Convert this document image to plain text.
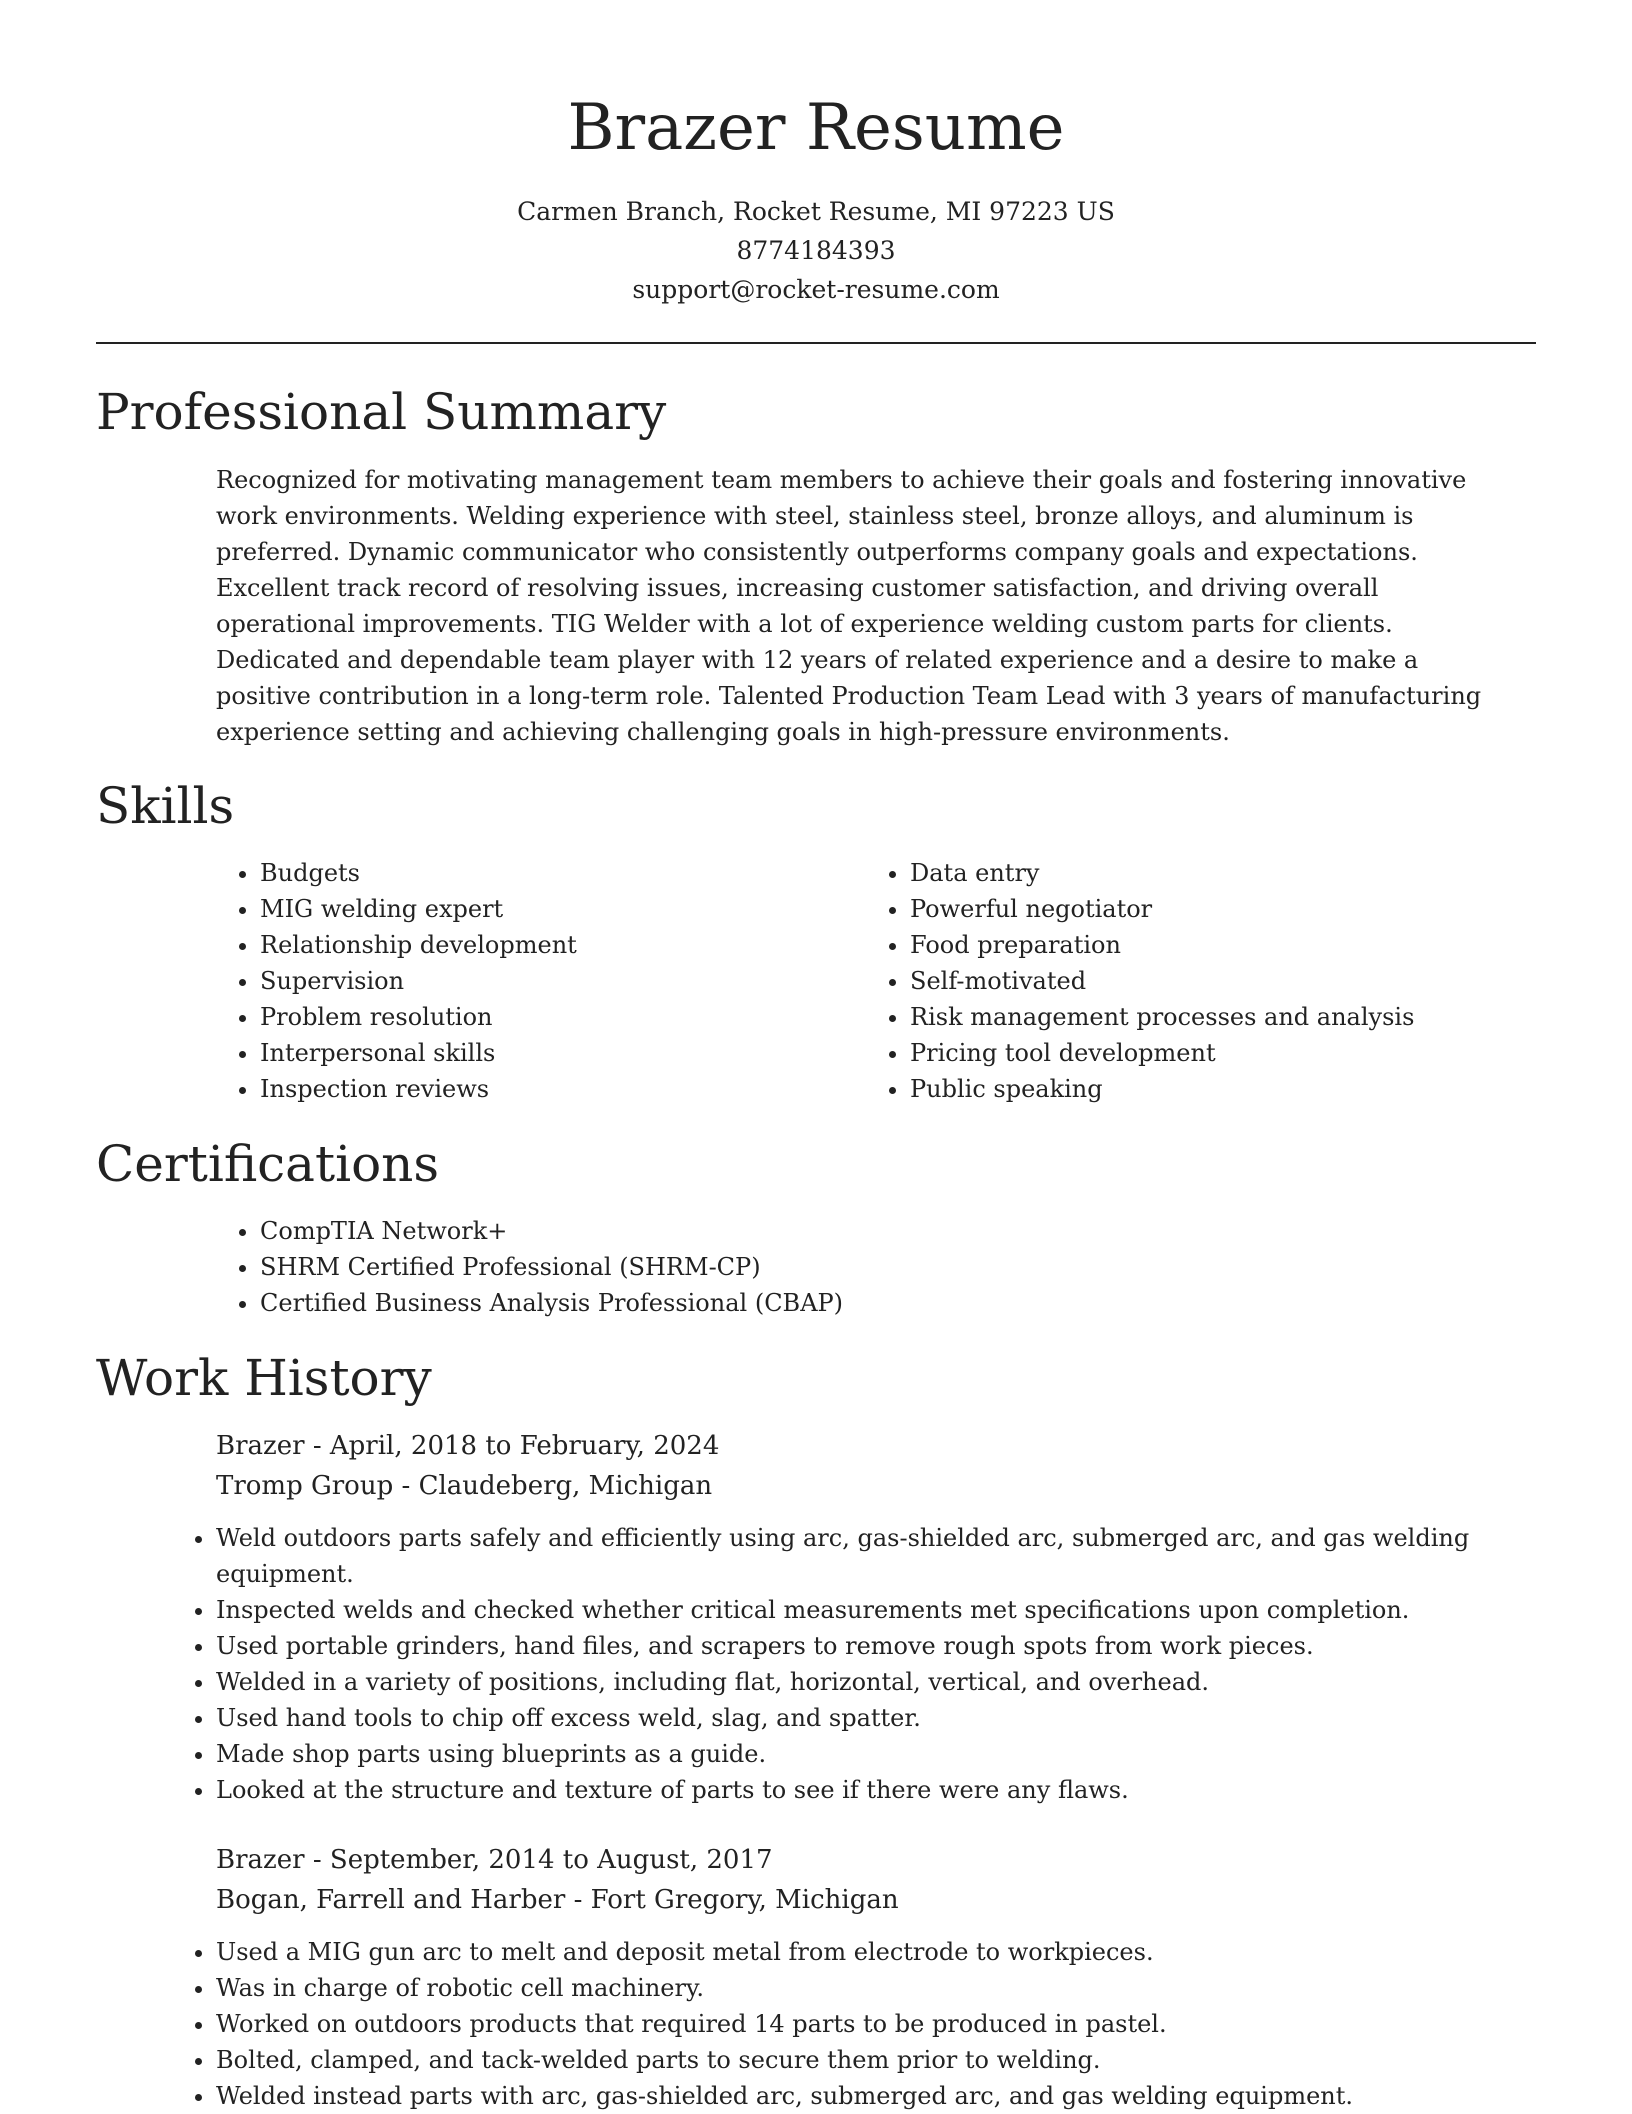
Brazer Resume
Carmen Branch, Rocket Resume, MI 97223 US
8774184393
support@rocket-resume.com
Professional Summary

Recognized for motivating management team members to achieve their goals and fostering innovative work environments. Welding experience with steel, stainless steel, bronze alloys, and aluminum is preferred. Dynamic communicator who consistently outperforms company goals and expectations. Excellent track record of resolving issues, increasing customer satisfaction, and driving overall operational improvements. TIG Welder with a lot of experience welding custom parts for clients. Dedicated and dependable team player with 12 years of related experience and a desire to make a positive contribution in a long-term role. Talented Production Team Lead with 3 years of manufacturing experience setting and achieving challenging goals in high-pressure environments.

Skills
• Budgets
• MIG welding expert
• Relationship development
• Supervision
• Problem resolution
• Interpersonal skills
• Inspection reviews
• Data entry
• Powerful negotiator
• Food preparation
• Self-motivated
• Risk management processes and analysis
• Pricing tool development
• Public speaking
Certifications
• CompTIA Network+
• SHRM Certified Professional (SHRM-CP)
• Certified Business Analysis Professional (CBAP)
Work History
Brazer - April, 2018 to February, 2024
Tromp Group - Claudeberg, Michigan
• Weld outdoors parts safely and efficiently using arc, gas-shielded arc, submerged arc, and gas welding equipment.
• Inspected welds and checked whether critical measurements met specifications upon completion.
• Used portable grinders, hand files, and scrapers to remove rough spots from work pieces.
• Welded in a variety of positions, including flat, horizontal, vertical, and overhead.
• Used hand tools to chip off excess weld, slag, and spatter.
• Made shop parts using blueprints as a guide.
• Looked at the structure and texture of parts to see if there were any flaws.
Brazer - September, 2014 to August, 2017
Bogan, Farrell and Harber - Fort Gregory, Michigan
• Used a MIG gun arc to melt and deposit metal from electrode to workpieces.
• Was in charge of robotic cell machinery.
• Worked on outdoors products that required 14 parts to be produced in pastel.
• Bolted, clamped, and tack-welded parts to secure them prior to welding.
• Welded instead parts with arc, gas-shielded arc, submerged arc, and gas welding equipment.
